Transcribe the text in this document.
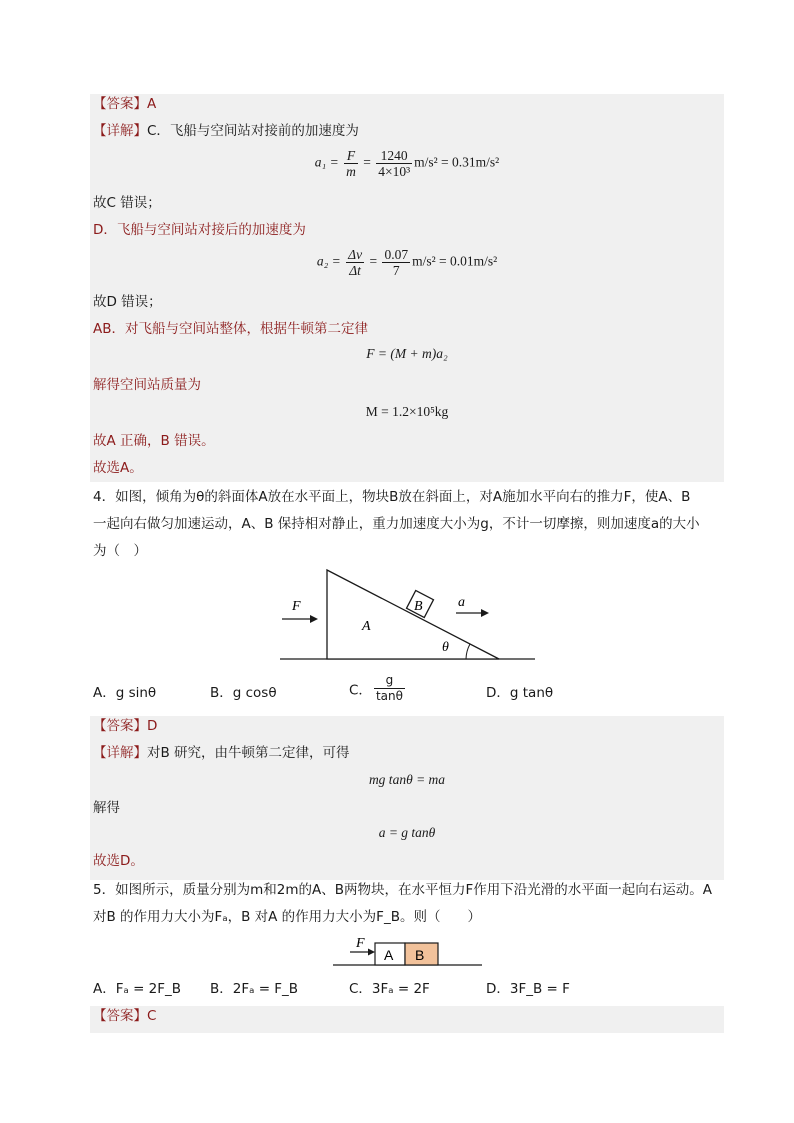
【答案】A
【详解】C．飞船与空间站对接前的加速度为
$a_1 = \frac{F}{m} = \frac{1240}{\text{4×10³}} m/s^2 = 0.31m/s^2$
故C 错误；
D．飞船与空间站对接后的加速度为
$a_2 = \frac{\Delta v}{\Delta t} = \frac{0.07}{7} m/s^2 = 0.01m/s^2$
故D 错误；
AB．对飞船与空间站整体，根据牛顿第二定律
F = (M + m)a₂
解得空间站质量为
M = 1.2×10⁵kg
故A 正确，B 错误。
故选A。
4．如图，倾角为θ的斜面体A放在水平面上，物块B放在斜面上，对A施加水平向右的推力F，使A、B
一起向右做匀加速运动，A、B 保持相对静止，重力加速度大小为g，不计一切摩擦，则加速度a的大小
为（　）
B
F
A
a
θ
A．g sinθ	B．g cosθ	C． $\frac{g}{\tan\theta}$	D．g tanθ
【答案】D
【详解】对B 研究，由牛顿第二定律，可得
mg tanθ = ma
解得
a = g tanθ
故选D。
5．如图所示，质量分别为m和2m的A、B两物块，在水平恒力F作用下沿光滑的水平面一起向右运动。A
对B 的作用力大小为Fₐ，B 对A 的作用力大小为F_B。则（　　）
A B
F
A．Fₐ = 2F_B B．2Fₐ = F_B	C．3Fₐ = 2F	D．3F_B = F
【答案】C
